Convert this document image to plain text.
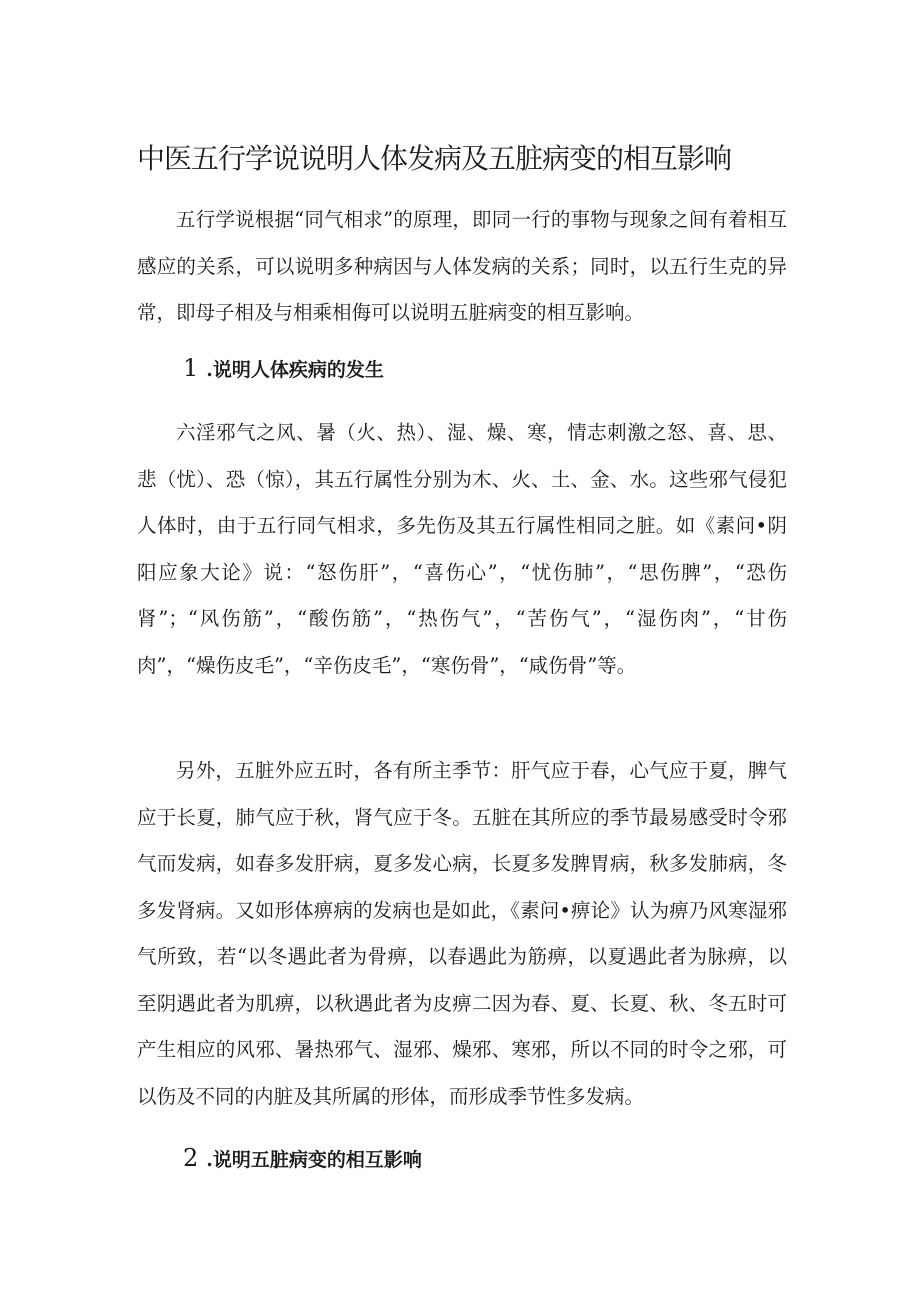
中医五行学说说明人体发病及五脏病变的相互影响

五行学说根据“同气相求”的原理，即同一行的事物与现象之间有着相互感应的关系，可以说明多种病因与人体发病的关系；同时，以五行生克的异常，即母子相及与相乘相侮可以说明五脏病变的相互影响。

1 .说明人体疾病的发生

六淫邪气之风、暑（火、热）、湿、燥、寒，情志刺激之怒、喜、思、悲（忧）、恐（惊），其五行属性分别为木、火、土、金、水。这些邪气侵犯人体时，由于五行同气相求，多先伤及其五行属性相同之脏。如《素问•阴阳应象大论》说：“怒伤肝”，“喜伤心”，“忧伤肺”，“思伤脾”，“恐伤肾”；“风伤筋”，“酸伤筋”，“热伤气”，“苦伤气”，“湿伤肉”，“甘伤肉”，“燥伤皮毛”，“辛伤皮毛”，“寒伤骨”，“咸伤骨”等。

另外，五脏外应五时，各有所主季节：肝气应于春，心气应于夏，脾气应于长夏，肺气应于秋，肾气应于冬。五脏在其所应的季节最易感受时令邪气而发病，如春多发肝病，夏多发心病，长夏多发脾胃病，秋多发肺病，冬多发肾病。又如形体痹病的发病也是如此，《素问•痹论》认为痹乃风寒湿邪气所致，若“以冬遇此者为骨痹，以春遇此为筋痹，以夏遇此者为脉痹，以至阴遇此者为肌痹，以秋遇此者为皮痹二因为春、夏、长夏、秋、冬五时可产生相应的风邪、暑热邪气、湿邪、燥邪、寒邪，所以不同的时令之邪，可以伤及不同的内脏及其所属的形体，而形成季节性多发病。

2 .说明五脏病变的相互影响
